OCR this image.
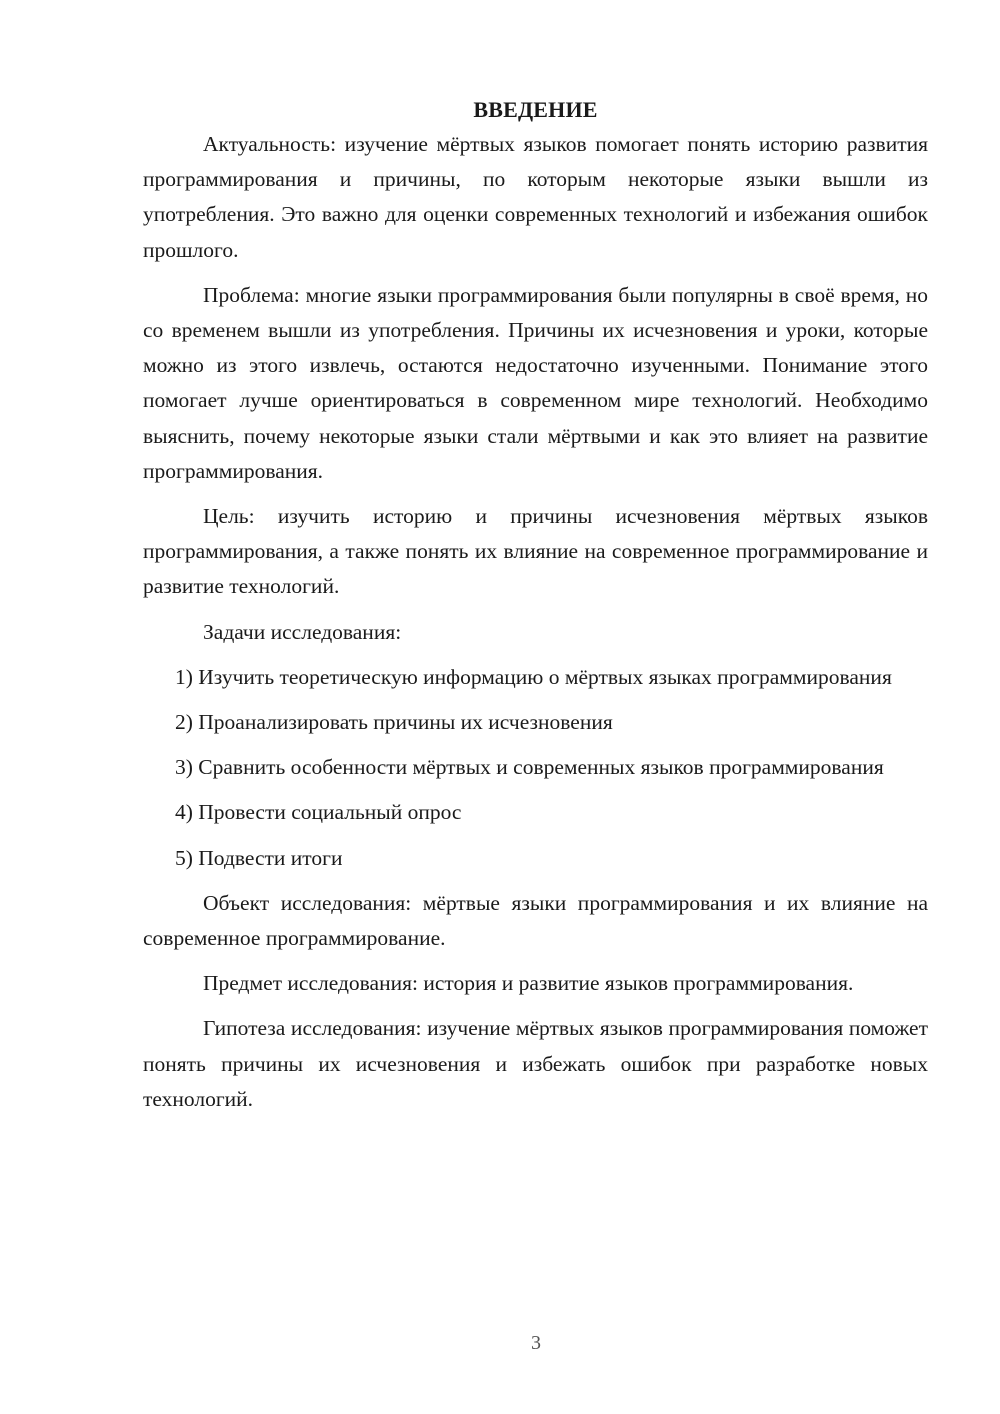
ВВЕДЕНИЕ

Актуальность: изучение мёртвых языков помогает понять историю развития программирования и причины, по которым некоторые языки вышли из употребления. Это важно для оценки современных технологий и избежания ошибок прошлого.

Проблема: многие языки программирования были популярны в своё время, но со временем вышли из употребления. Причины их исчезновения и уроки, которые можно из этого извлечь, остаются недостаточно изученными. Понимание этого помогает лучше ориентироваться в современном мире технологий. Необходимо выяснить, почему некоторые языки стали мёртвыми и как это влияет на развитие программирования.

Цель: изучить историю и причины исчезновения мёртвых языков программирования, а также понять их влияние на современное программирование и развитие технологий.

Задачи исследования:

1) Изучить теоретическую информацию о мёртвых языках программирования

2) Проанализировать причины их исчезновения

3) Сравнить особенности мёртвых и современных языков программирования

4) Провести социальный опрос

5) Подвести итоги

Объект исследования: мёртвые языки программирования и их влияние на современное программирование.

Предмет исследования: история и развитие языков программирования.

Гипотеза исследования: изучение мёртвых языков программирования поможет понять причины их исчезновения и избежать ошибок при разработке новых технологий.

3
